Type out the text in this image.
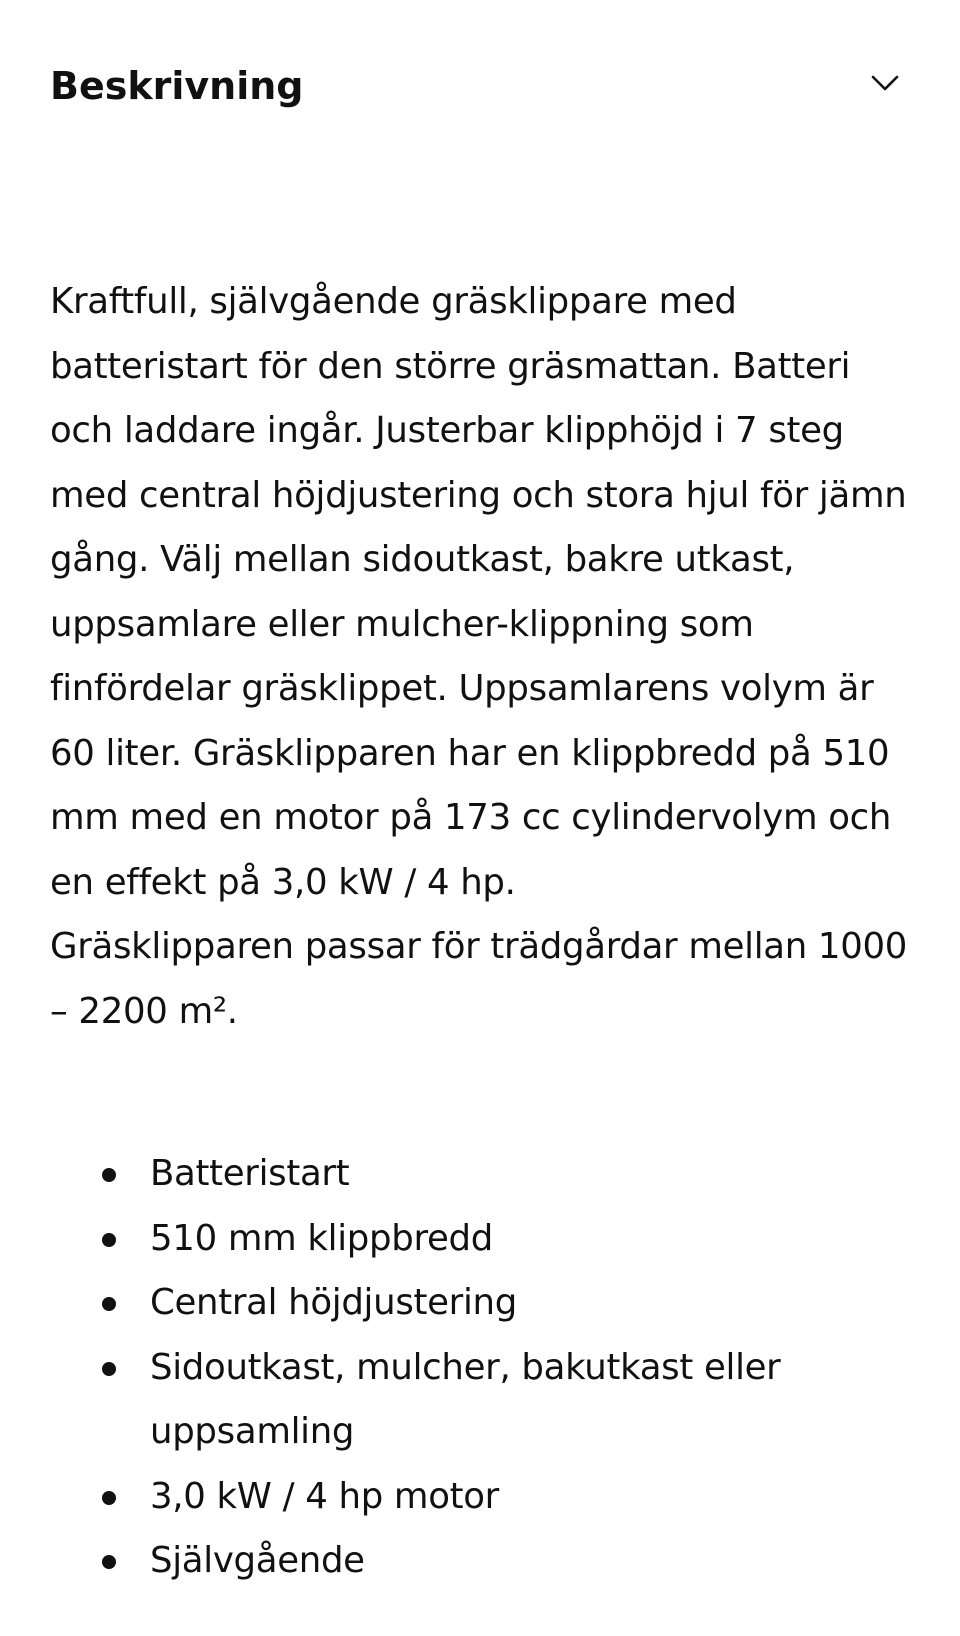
Beskrivning

Kraftfull, självgående gräsklippare med batteristart för den större gräsmattan. Batteri och laddare ingår. Justerbar klipphöjd i 7 steg med central höjdjustering och stora hjul för jämn gång. Välj mellan sidoutkast, bakre utkast, uppsamlare eller mulcher-klippning som finfördelar gräsklippet. Uppsamlarens volym är 60 liter. Gräsklipparen har en klippbredd på 510 mm med en motor på 173 cc cylindervolym och en effekt på 3,0 kW / 4 hp.

Gräsklipparen passar för trädgårdar mellan 1000 – 2200 m².

Batteristart
510 mm klippbredd
Central höjdjustering
Sidoutkast, mulcher, bakutkast eller uppsamling
3,0 kW / 4 hp motor
Självgående
